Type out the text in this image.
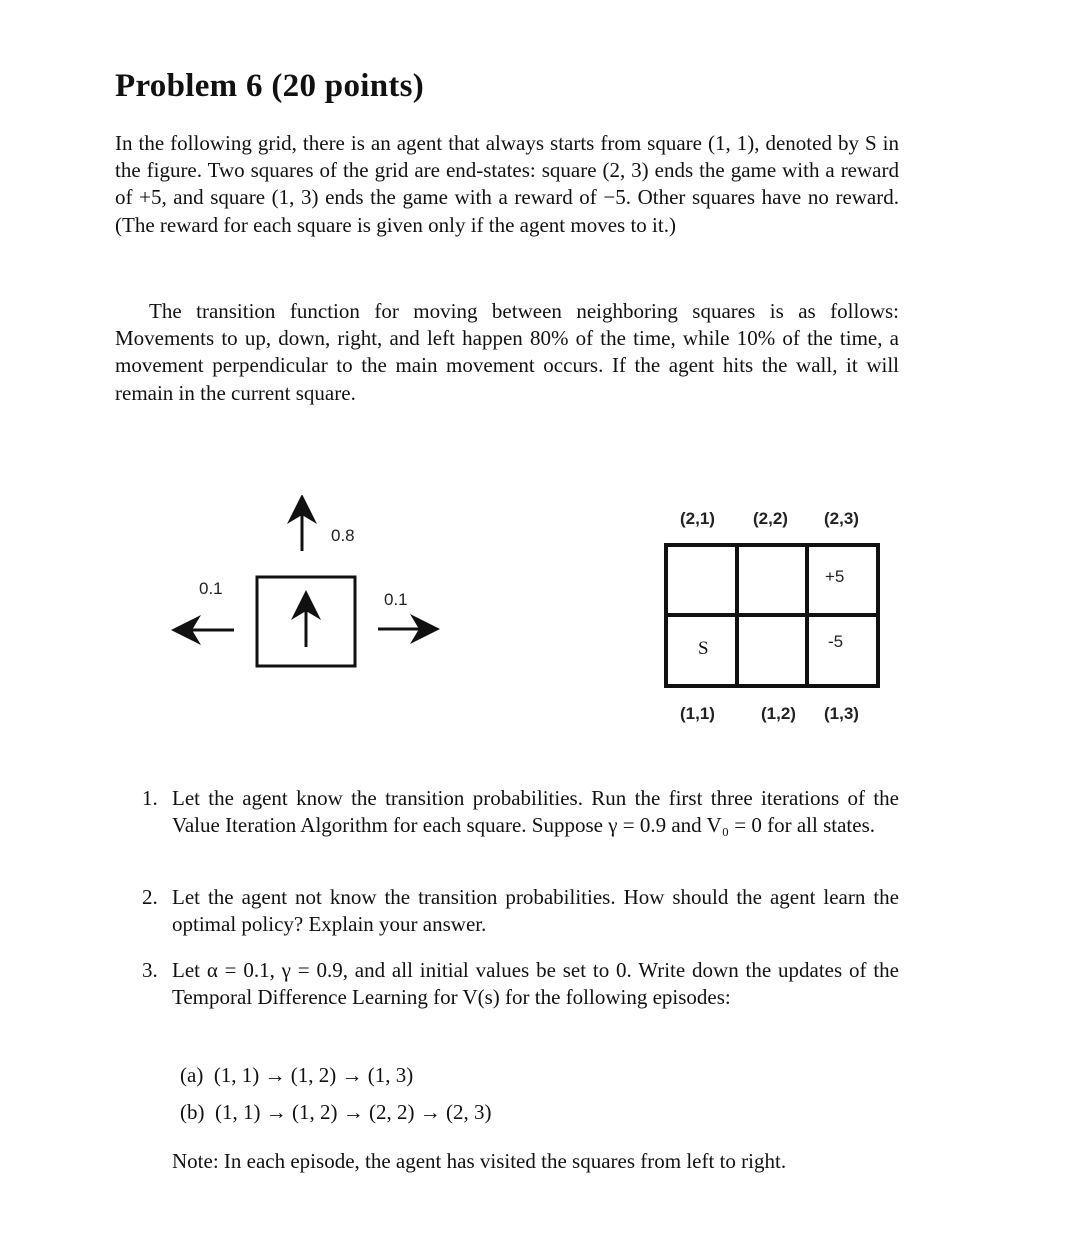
Problem 6 (20 points)

In the following grid, there is an agent that always starts from square (1, 1), denoted by S in the figure. Two squares of the grid are end-states: square (2, 3) ends the game with a reward of +5, and square (1, 3) ends the game with a reward of −5. Other squares have no reward. (The reward for each square is given only if the agent moves to it.)

The transition function for moving between neighboring squares is as follows: Movements to up, down, right, and left happen 80% of the time, while 10% of the time, a movement perpendicular to the main movement occurs. If the agent hits the wall, it will remain in the current square.

0.8
0.1
0.1
(2,1) (2,2) (2,3)
+5
-5
S
(1,1)	(1,2) (1,3)
1. Let the agent know the transition probabilities. Run the first three iterations of the Value Iteration Algorithm for each square. Suppose γ = 0.9 and V₀ = 0 for all states.
2. Let the agent not know the transition probabilities. How should the agent learn the optimal policy? Explain your answer.
3. Let α = 0.1, γ = 0.9, and all initial values be set to 0. Write down the updates of the Temporal Difference Learning for V(s) for the following episodes:
(a) (1, 1) → (1, 2) → (1, 3)
(b) (1, 1) → (1, 2) → (2, 2) → (2, 3)
Note: In each episode, the agent has visited the squares from left to right.
